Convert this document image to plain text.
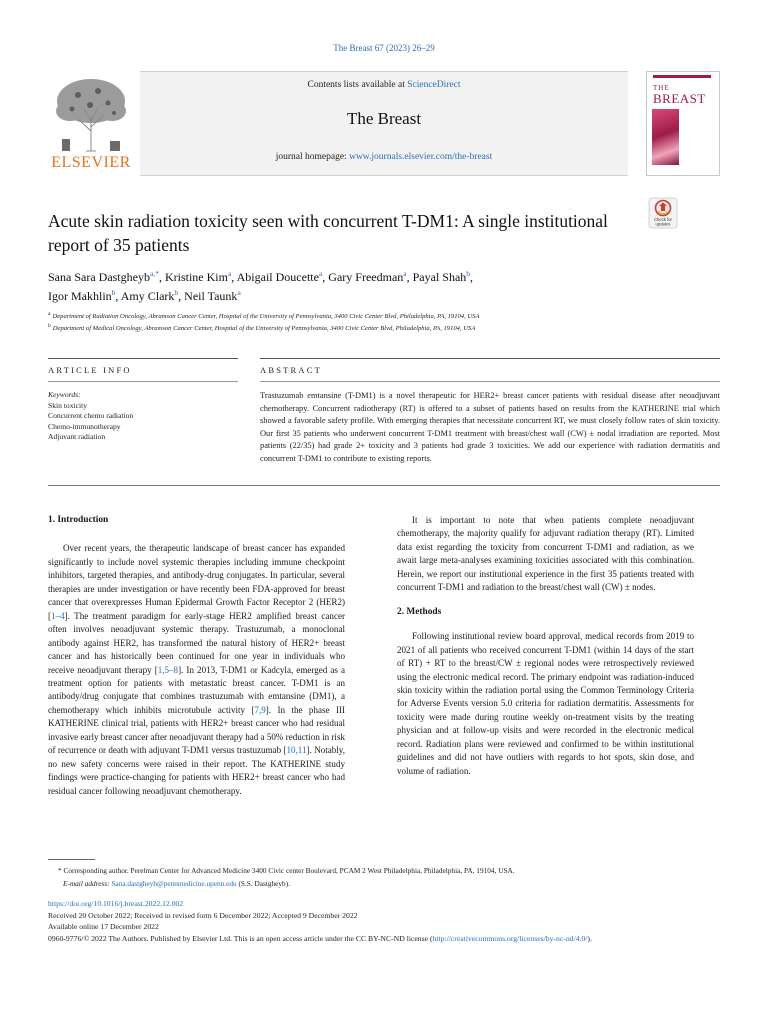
The Breast 67 (2023) 26–29
ELSEVIER
Contents lists available at ScienceDirect
The Breast
journal homepage: www.journals.elsevier.com/the-breast
THE
BREAST
Check for
updates
Acute skin radiation toxicity seen with concurrent T-DM1: A single institutional report of 35 patients
Sana Sara Dastgheyb$^{a,*}$, Kristine Kim$^a$, Abigail Doucette$^a$, Gary Freedman$^a$, Payal Shah$^b$,
Igor Makhlin$^b$, Amy Clark$^b$, Neil Taunk$^a$
$^a$ Department of Radiation Oncology, Abramson Cancer Center, Hospital of the University of Pennsylvania, 3400 Civic Center Blvd, Philadelphia, PA, 19104, USA
$^b$ Department of Medical Oncology, Abramson Cancer Center, Hospital of the University of Pennsylvania, 3400 Civic Center Blvd, Philadelphia, PA, 19104, USA
ARTICLE INFO	ABSTRACT
Keywords:
Skin toxicity
Concurrent chemo radiation
Chemo-immunotherapy
Adjuvant radiation
Trastuzumab emtansine (T-DM1) is a novel therapeutic for HER2+ breast cancer patients with residual disease after neoadjuvant chemotherapy. Concurrent radiotherapy (RT) is offered to a subset of patients based on results from the KATHERINE trial which showed a favorable safety profile. With emerging therapies that necessitate concurrent RT, we must closely follow rates of skin toxicity. Our first 35 patients who underwent concurrent T-DM1 treatment with breast/chest wall (CW) ± nodal irradiation are reported. Most patients (22/35) had grade 2+ toxicity and 3 patients had grade 3 toxicities. We add our experience with radiation dermatitis and concurrent T-DM1 to contribute to existing reports.
1. Introduction

Over recent years, the therapeutic landscape of breast cancer has expanded significantly to include novel systemic therapies including immune checkpoint inhibitors, targeted therapies, and antibody-drug conjugates. In particular, several therapies are under investigation or have recently been FDA-approved for breast cancer that overexpresses Human Epidermal Growth Factor Receptor 2 (HER2) [1–4]. The treatment paradigm for early-stage HER2 amplified breast cancer often involves neoadjuvant systemic therapy. Trastuzumab, a monoclonal antibody against HER2, has transformed the natural history of HER2+ breast cancer and has historically been continued for one year in individuals who receive neoadjuvant therapy [1,5–8]. In 2013, T-DM1 or Kadcyla, emerged as a treatment option for patients with metastatic breast cancer. T-DM1 is an antibody/drug conjugate that combines trastuzumab with emtansine (DM1), a chemotherapy which inhibits microtubule activity [7,9]. In the phase III KATHERINE clinical trial, patients with HER2+ breast cancer who had residual invasive early breast cancer after neoadjuvant therapy had a 50% reduction in risk of recurrence or death with adjuvant T-DM1 versus trastuzumab [10,11]. Notably, no new safety concerns were raised in their report. The KATHERINE study findings were practice-changing for patients with HER2+ breast cancer who had residual cancer following neoadjuvant chemotherapy.

It is important to note that when patients complete neoadjuvant chemotherapy, the majority qualify for adjuvant radiation therapy (RT). Limited data exist regarding the toxicity from concurrent T-DM1 and radiation, as we await large meta-analyses examining toxicities associated with this combination. Herein, we report our institutional experience in the first 35 patients treated with concurrent T-DM1 and radiation to the breast/chest wall (CW) ± nodes.

2. Methods

Following institutional review board approval, medical records from 2019 to 2021 of all patients who received concurrent T-DM1 (within 14 days of the start of RT) + RT to the breast/CW ± regional nodes were retrospectively reviewed using the electronic medical record. The primary endpoint was radiation-induced skin toxicity within the radiation portal using the Common Terminology Criteria for Adverse Events version 5.0 criteria for radiation dermatitis. Assessments for toxicity were made during routine weekly on-treatment visits by the treating physician and at follow-up visits and were recorded in the electronic medical record. Radiation plans were reviewed and confirmed to be within institutional guidelines and did not have outliers with regards to hot spots, skin dose, and volume of radiation.

* Corresponding author. Perelman Center for Advanced Medicine 3400 Civic center Boulevard, PCAM 2 West Philadelphia, Philadelphia, PA, 19104, USA.
E-mail address: Sana.dastgheyb@pennmedicine.upenn.edu (S.S. Dastgheyb).
https://doi.org/10.1016/j.breast.2022.12.002
Received 20 October 2022; Received in revised form 6 December 2022; Accepted 9 December 2022
Available online 17 December 2022
0960-9776/© 2022 The Authors. Published by Elsevier Ltd. This is an open access article under the CC BY-NC-ND license (http://creativecommons.org/licenses/by-nc-nd/4.0/).
